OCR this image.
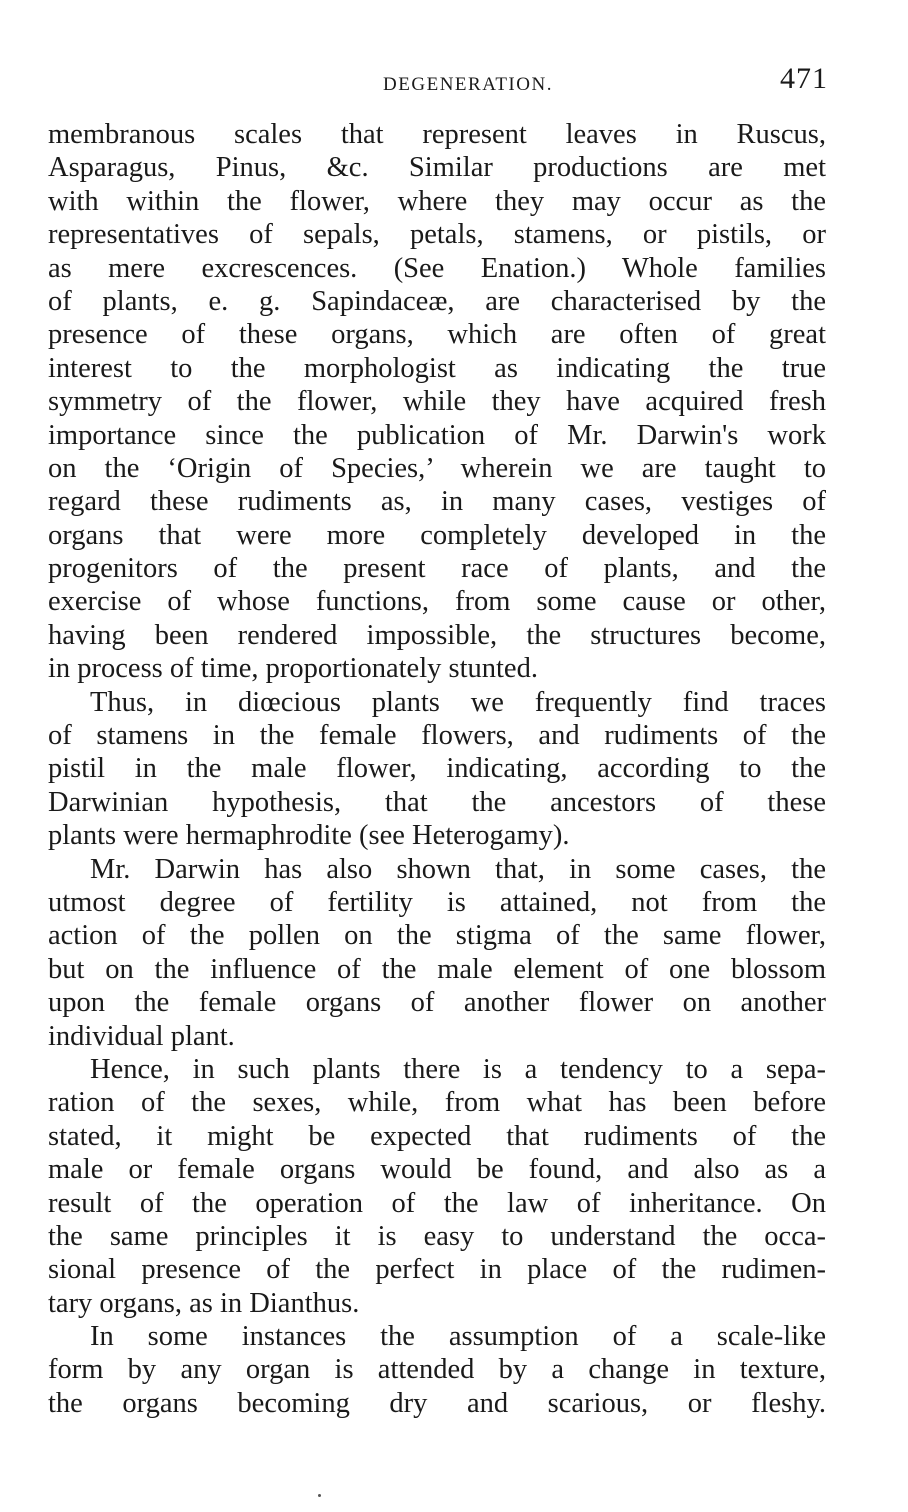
DEGENERATION.	471
membranous scales that represent leaves in Ruscus,
Asparagus, Pinus, &c. Similar productions are met
with within the flower, where they may occur as the
representatives of sepals, petals, stamens, or pistils, or
as mere excrescences. (See Enation.) Whole families
of plants, e. g. Sapindaceæ, are characterised by the
presence of these organs, which are often of great
interest to the morphologist as indicating the true
symmetry of the flower, while they have acquired fresh
importance since the publication of Mr. Darwin's work
on the ‘Origin of Species,’ wherein we are taught to
regard these rudiments as, in many cases, vestiges of
organs that were more completely developed in the
progenitors of the present race of plants, and the
exercise of whose functions, from some cause or other,
having been rendered impossible, the structures become,
in process of time, proportionately stunted.
Thus, in diœcious plants we frequently find traces
of stamens in the female flowers, and rudiments of the
pistil in the male flower, indicating, according to the
Darwinian hypothesis, that the ancestors of these
plants were hermaphrodite (see Heterogamy).
Mr. Darwin has also shown that, in some cases, the
utmost degree of fertility is attained, not from the
action of the pollen on the stigma of the same flower,
but on the influence of the male element of one blossom
upon the female organs of another flower on another
individual plant.
Hence, in such plants there is a tendency to a sepa-
ration of the sexes, while, from what has been before
stated, it might be expected that rudiments of the
male or female organs would be found, and also as a
result of the operation of the law of inheritance. On
the same principles it is easy to understand the occa-
sional presence of the perfect in place of the rudimen-
tary organs, as in Dianthus.
In some instances the assumption of a scale-like
form by any organ is attended by a change in texture,
the organs becoming dry and scarious, or fleshy.
